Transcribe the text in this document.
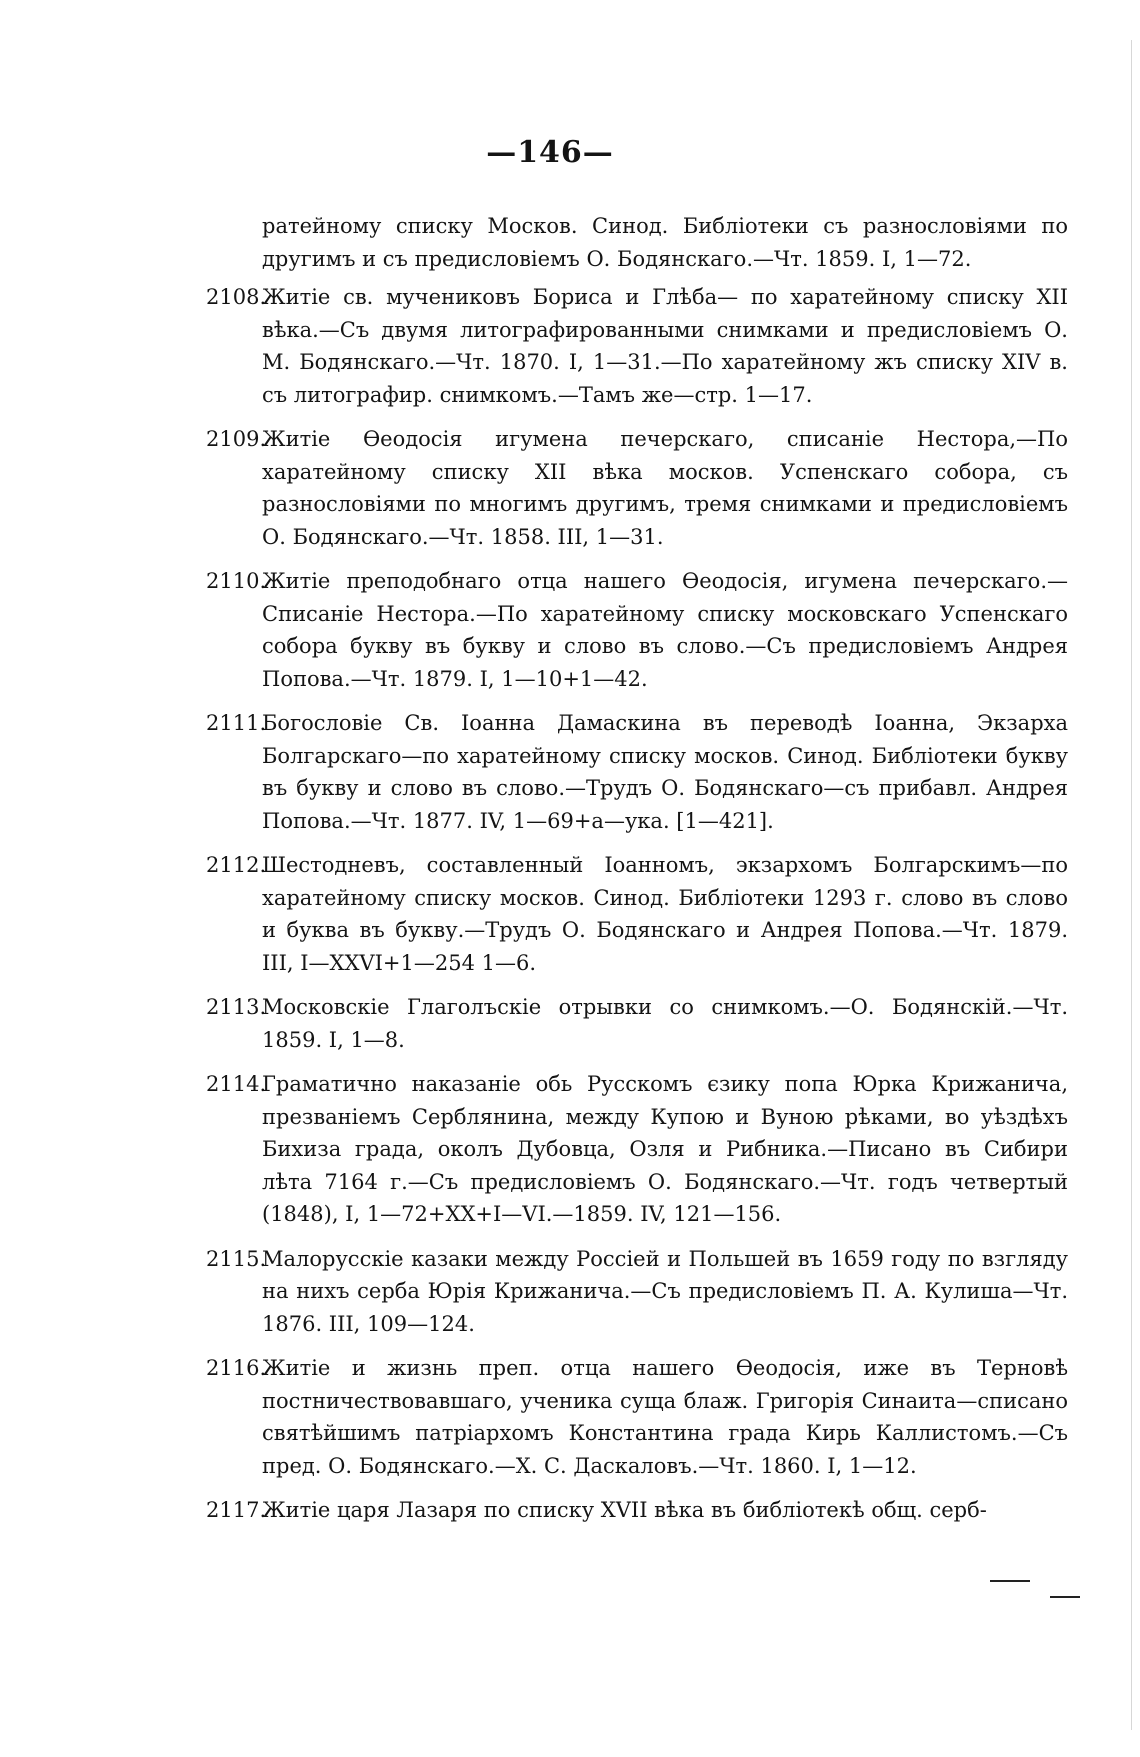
—146—
ратейному списку Москов. Синод. Библіотеки съ разнословіями по другимъ и съ предисловіемъ О. Бодянскаго.—Чт. 1859. I, 1—72.
2108.
Житіе св. мучениковъ Бориса и Глѣба— по харатейному списку XII вѣка.—Съ двумя литографированными снимками и предисловіемъ О. М. Бодянскаго.—Чт. 1870. I, 1—31.—По харатейному жъ списку XIV в. съ литографир. снимкомъ.—Тамъ же—стр. 1—17.
2109.
Житіе Ѳеодосія игумена печерскаго, списаніе Нестора,—По харатейному списку XII вѣка москов. Успенскаго собора, съ разнословіями по многимъ другимъ, тремя снимками и предисловіемъ О. Бодянскаго.—Чт. 1858. III, 1—31.
2110.
Житіе преподобнаго отца нашего Ѳеодосія, игумена печерскаго.—Списаніе Нестора.—По харатейному списку московскаго Успенскаго собора букву въ букву и слово въ слово.—Съ предисловіемъ Андрея Попова.—Чт. 1879. I, 1—10+1—42.
2111.
Богословіе Св. Іоанна Дамаскина въ переводѣ Іоанна, Экзарха Болгарскаго—по харатейному списку москов. Синод. Библіотеки букву въ букву и слово въ слово.—Трудъ О. Бодянскаго—съ прибавл. Андрея Попова.—Чт. 1877. IV, 1—69+а—ука. [1—421].
2112.
Шестодневъ, составленный Іоанномъ, экзархомъ Болгарскимъ—по харатейному списку москов. Синод. Библіотеки 1293 г. слово въ слово и буква въ букву.—Трудъ О. Бодянскаго и Андрея Попова.—Чт. 1879. III, I—XXVI+1—254 1—6.
2113.
Московскіе Глаголъскіе отрывки со снимкомъ.—О. Бодянскій.—Чт. 1859. I, 1—8.
2114.
Граматично наказаніе обь Русскомъ єзику попа Юрка Крижанича, презваніемъ Серблянина, между Купою и Вуною рѣками, во уѣздѣхъ Бихиза града, околъ Дубовца, Озля и Рибника.—Писано въ Сибири лѣта 7164 г.—Съ предисловіемъ О. Бодянскаго.—Чт. годъ четвертый (1848), I, 1—72+XX+I—VI.—1859. IV, 121—156.
2115.
Малорусскіе казаки между Россіей и Польшей въ 1659 году по взгляду на нихъ серба Юрія Крижанича.—Съ предисловіемъ П. А. Кулиша—Чт. 1876. III, 109—124.
2116.
Житіе и жизнь преп. отца нашего Ѳеодосія, иже въ Терновѣ постничествовавшаго, ученика суща блаж. Григорія Синаита—списано святѣйшимъ патріархомъ Константина града Кирь Каллистомъ.—Съ пред. О. Бодянскаго.—Х. С. Даскаловъ.—Чт. 1860. I, 1—12.
2117.
Житіе царя Лазаря по списку XVII вѣка въ библіотекѣ общ. серб-
